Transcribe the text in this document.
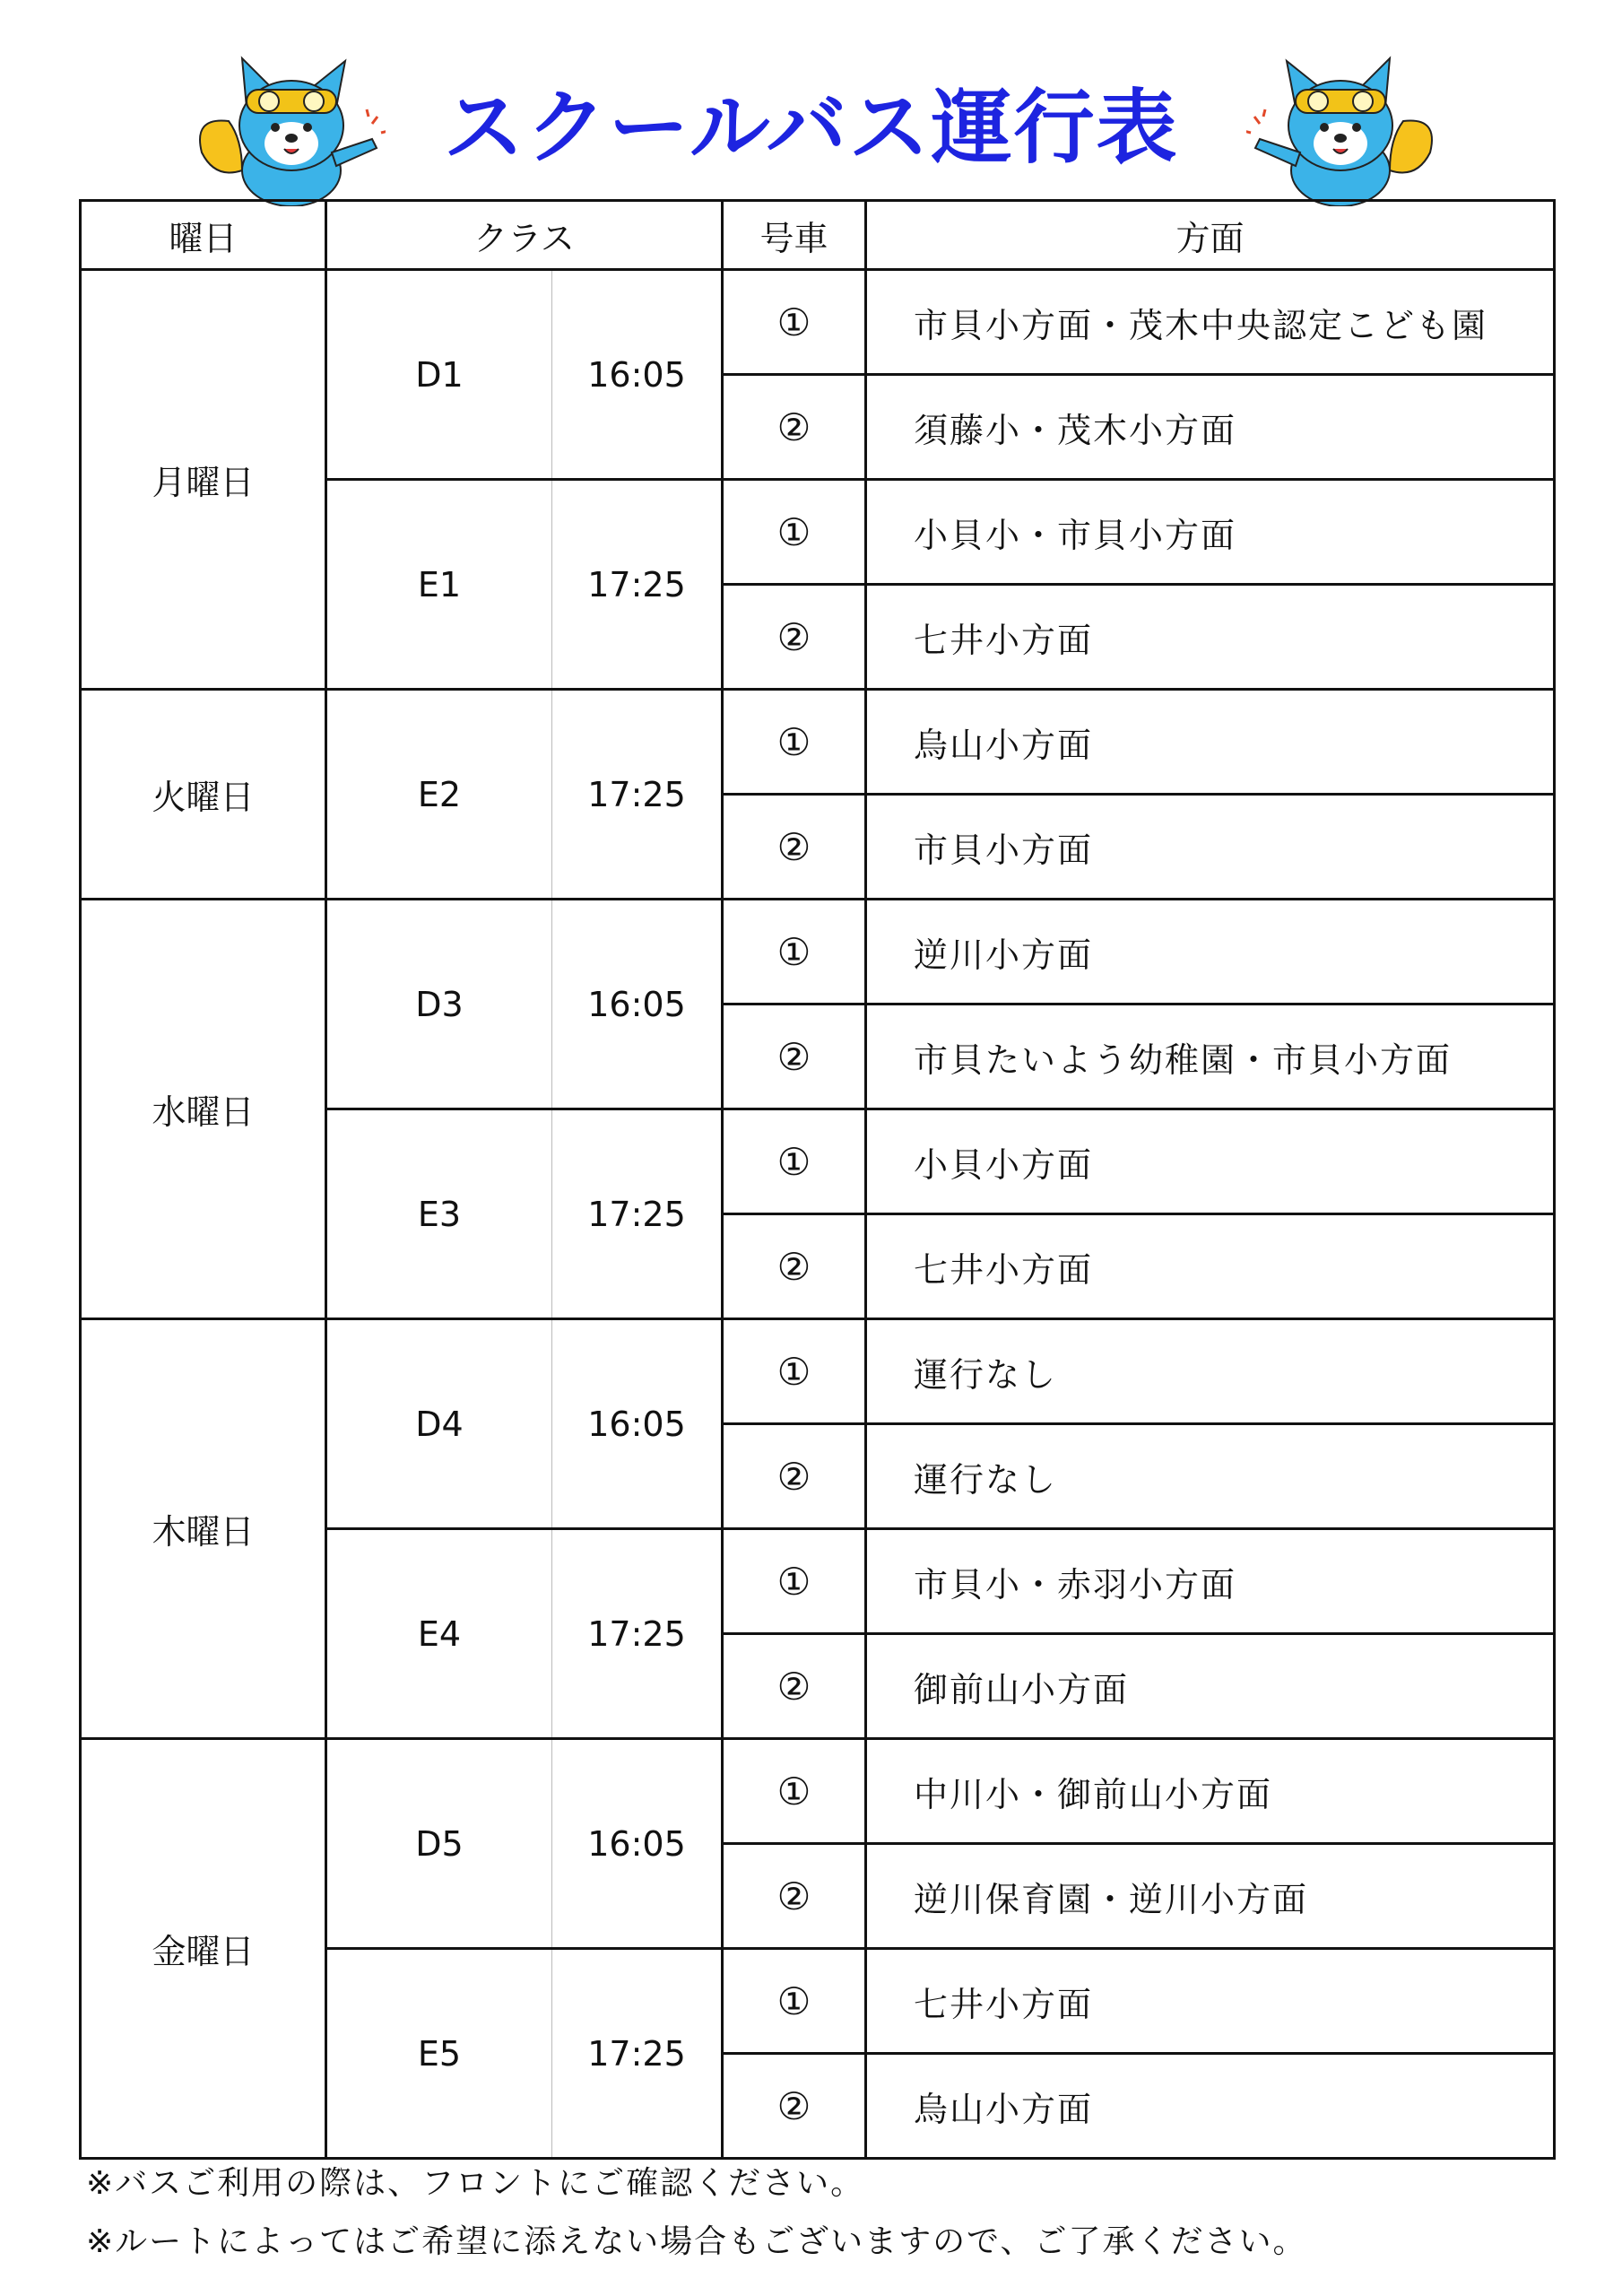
スクールバス運行表
曜日	クラス		号車	方面
月曜日	D1	16:05	①	市貝小方面・茂木中央認定こども園
			②	須藤小・茂木小方面
	E1	17:25	①	小貝小・市貝小方面
			②	七井小方面
火曜日	E2	17:25	①	烏山小方面
			②	市貝小方面
水曜日	D3	16:05	①	逆川小方面
			②	市貝たいよう幼稚園・市貝小方面
	E3	17:25	①	小貝小方面
			②	七井小方面
木曜日	D4	16:05	①	運行なし
			②	運行なし
	E4	17:25	①	市貝小・赤羽小方面
			②	御前山小方面
金曜日	D5	16:05	①	中川小・御前山小方面
			②	逆川保育園・逆川小方面
	E5	17:25	①	七井小方面
			②	烏山小方面
※バスご利用の際は、フロントにご確認ください。
※ルートによってはご希望に添えない場合もございますので、ご了承ください。
